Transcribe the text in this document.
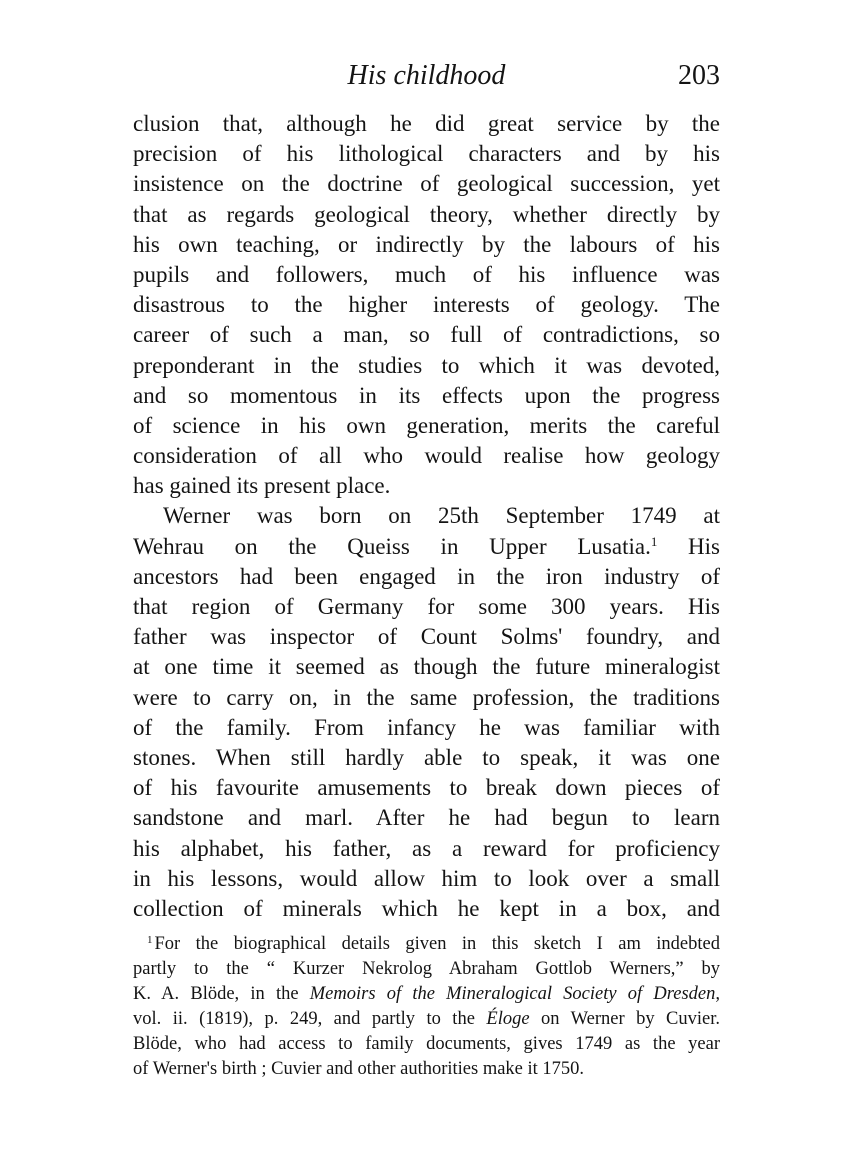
His childhood	203
clusion that, although he did great service by the
precision of his lithological characters and by his
insistence on the doctrine of geological succession, yet
that as regards geological theory, whether directly by
his own teaching, or indirectly by the labours of his
pupils and followers, much of his influence was
disastrous to the higher interests of geology. The
career of such a man, so full of contradictions, so
preponderant in the studies to which it was devoted,
and so momentous in its effects upon the progress
of science in his own generation, merits the careful
consideration of all who would realise how geology
has gained its present place.
Werner was born on 25th September 1749 at
Wehrau on the Queiss in Upper Lusatia.$^1$ His
ancestors had been engaged in the iron industry of
that region of Germany for some 300 years. His
father was inspector of Count Solms' foundry, and
at one time it seemed as though the future mineralogist
were to carry on, in the same profession, the traditions
of the family. From infancy he was familiar with
stones. When still hardly able to speak, it was one
of his favourite amusements to break down pieces of
sandstone and marl. After he had begun to learn
his alphabet, his father, as a reward for proficiency
in his lessons, would allow him to look over a small
collection of minerals which he kept in a box, and
$^1$ For the biographical details given in this sketch I am indebted
partly to the “ Kurzer Nekrolog Abraham Gottlob Werners,” by
K. A. Blöde, in the Memoirs of the Mineralogical Society of Dresden,
vol. ii. (1819), p. 249, and partly to the Éloge on Werner by Cuvier.
Blöde, who had access to family documents, gives 1749 as the year
of Werner's birth ; Cuvier and other authorities make it 1750.
